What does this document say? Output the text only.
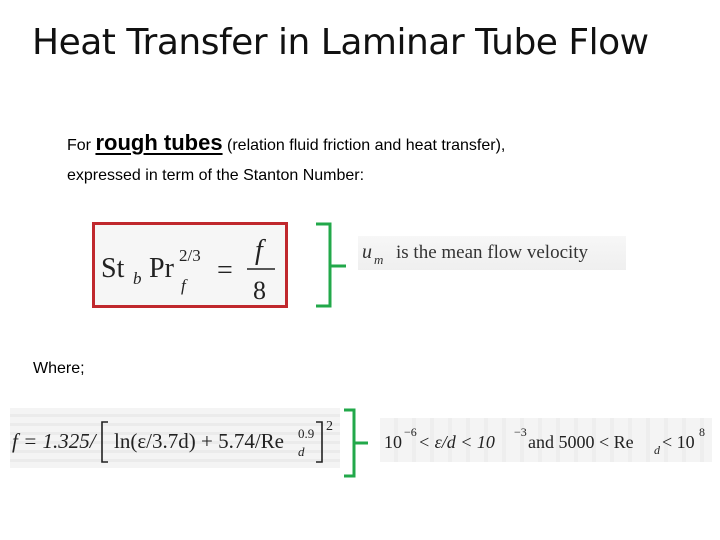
Heat Transfer in Laminar Tube Flow
For rough tubes (relation fluid friction and heat transfer),
expressed in term of the Stanton Number:
St b Pr 2/3
f =
f
8
u m is the mean flow velocity
Where;
f = 1.325/ ln(ε/3.7d) + 5.74/Re 0.9
d
2
10 −6 < ε/d < 10 −3 and 5000 < Re d < 10 8
